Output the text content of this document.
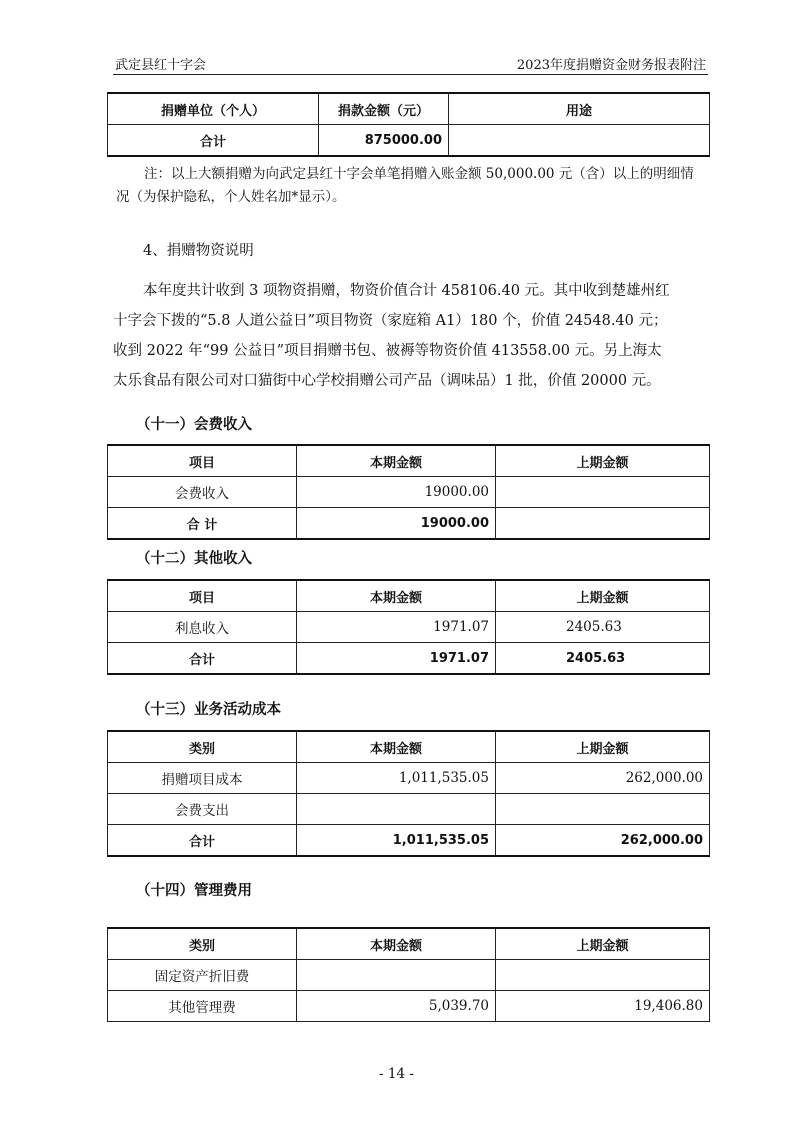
武定县红十字会	2023年度捐赠资金财务报表附注
捐赠单位（个人）	捐款金额（元）	用途
合计	875000.00	
注：以上大额捐赠为向武定县红十字会单笔捐赠入账金额 50,000.00 元（含）以上的明细情
况（为保护隐私，个人姓名加*显示）。
4、捐赠物资说明
本年度共计收到 3 项物资捐赠，物资价值合计 458106.40 元。其中收到楚雄州红
十字会下拨的“5.8 人道公益日”项目物资（家庭箱 A1）180 个，价值 24548.40 元；
收到 2022 年“99 公益日”项目捐赠书包、被褥等物资价值 413558.00 元。另上海太
太乐食品有限公司对口猫街中心学校捐赠公司产品（调味品）1 批，价值 20000 元。
（十一）会费收入
项目	本期金额	上期金额
会费收入	19000.00	
合 计	19000.00	
（十二）其他收入
项目	本期金额	上期金额
利息收入	1971.07	2405.63
合计	1971.07	2405.63
（十三）业务活动成本
类别	本期金额	上期金额
捐赠项目成本	1,011,535.05	262,000.00
会费支出		
合计	1,011,535.05	262,000.00
（十四）管理费用
类别	本期金额	上期金额
固定资产折旧费		
其他管理费	5,039.70	19,406.80
- 14 -
